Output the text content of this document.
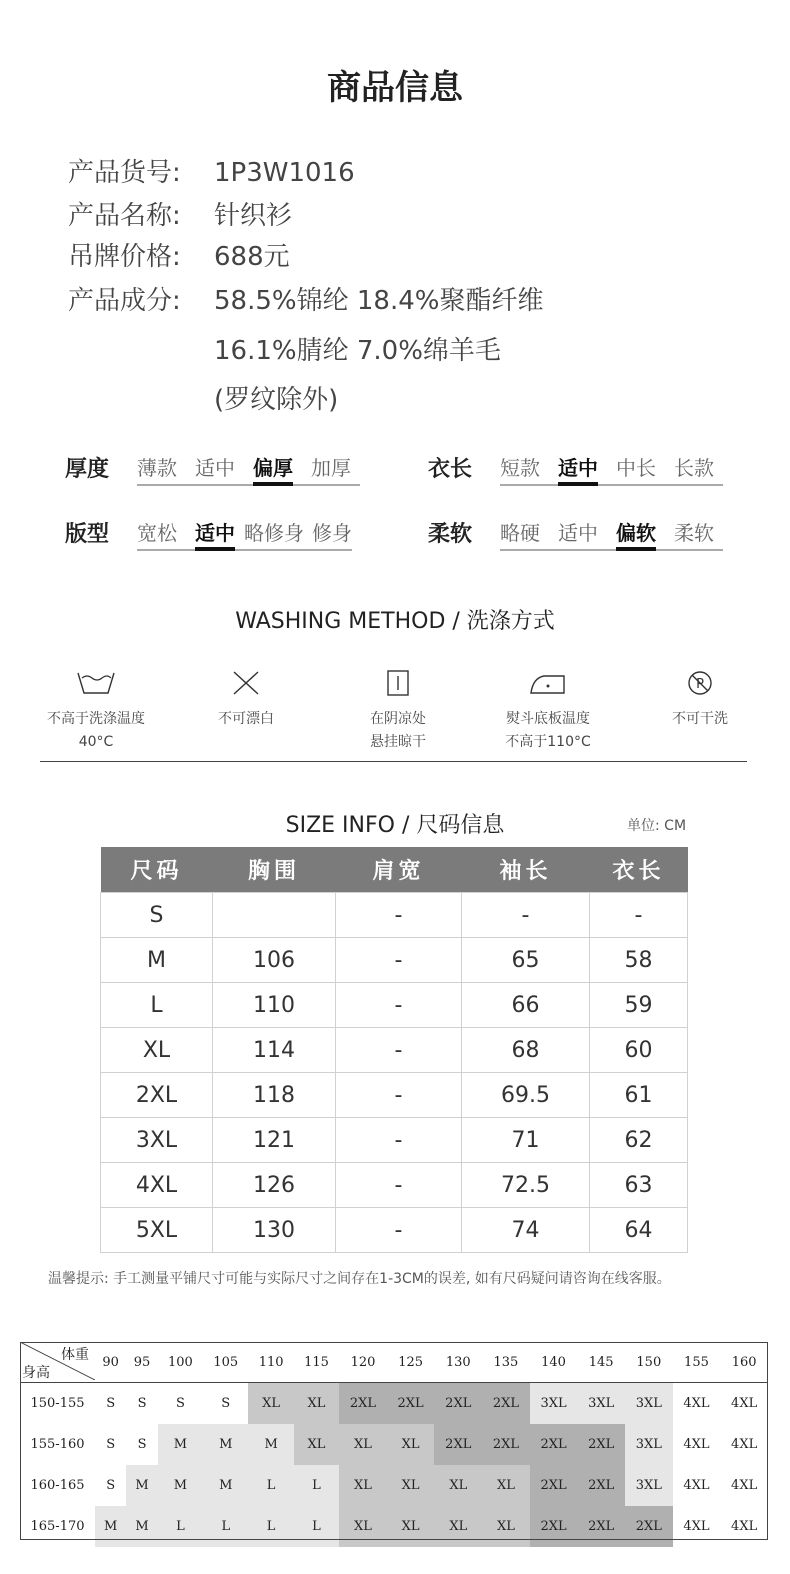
商品信息
产品货号: 1P3W1016
产品名称: 针织衫
吊牌价格: 688元
产品成分: 58.5%锦纶 18.4%聚酯纤维
16.1%腈纶 7.0%绵羊毛
(罗纹除外)
厚度 薄款 适中 偏厚 加厚	衣长 短款 适中 中长 长款
版型 宽松 适中 略修身 修身	柔软 略硬 适中 偏软 柔软
WASHING METHOD / 洗涤方式
不高于洗涤温度
40°C
不可漂白	在阴凉处
悬挂晾干
熨斗底板温度
不高于110°C
P
不可干洗
SIZE INFO / 尺码信息	单位: CM
尺码	胸围	肩宽	袖长	衣长
S		-	-	-
M	106	-	65	58
L	110	-	66	59
XL	114	-	68	60
2XL	118	-	69.5	61
3XL	121	-	71	62
4XL	126	-	72.5	63
5XL	130	-	74	64
温馨提示: 手工测量平铺尺寸可能与实际尺寸之间存在1-3CM的误差, 如有尺码疑问请咨询在线客服。
体重
身高	90	95	100	105	110	115	120	125	130	135	140	145	150	155	160
150-155	S	S	S	S	XL	XL	2XL	2XL	2XL	2XL	3XL	3XL	3XL	4XL	4XL
155-160	S	S	M	M	M	XL	XL	XL	2XL	2XL	2XL	2XL	3XL	4XL	4XL
160-165	S	M	M	M	L	L	XL	XL	XL	XL	2XL	2XL	3XL	4XL	4XL
165-170	M	M	L	L	L	L	XL	XL	XL	XL	2XL	2XL	2XL	4XL	4XL
